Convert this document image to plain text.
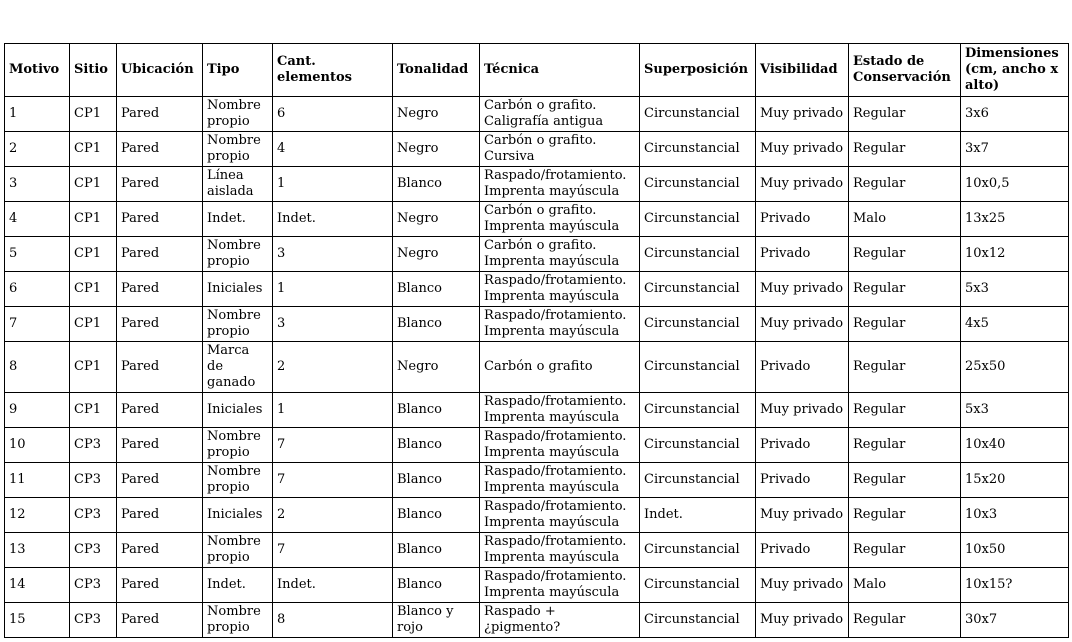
Motivo	Sitio	Ubicación	Tipo	Cant. elementos	Tonalidad	Técnica	Superposición	Visibilidad	Estado de Conservación	Dimensiones (cm, ancho x alto)
1	CP1	Pared	Nombre propio	6	Negro	Carbón o grafito. Caligrafía antigua	Circunstancial	Muy privado	Regular	3x6
2	CP1	Pared	Nombre propio	4	Negro	Carbón o grafito. Cursiva	Circunstancial	Muy privado	Regular	3x7
3	CP1	Pared	Línea aislada	1	Blanco	Raspado/frotamiento. Imprenta mayúscula	Circunstancial	Muy privado	Regular	10x0,5
4	CP1	Pared	Indet.	Indet.	Negro	Carbón o grafito. Imprenta mayúscula	Circunstancial	Privado	Malo	13x25
5	CP1	Pared	Nombre propio	3	Negro	Carbón o grafito. Imprenta mayúscula	Circunstancial	Privado	Regular	10x12
6	CP1	Pared	Iniciales	1	Blanco	Raspado/frotamiento. Imprenta mayúscula	Circunstancial	Muy privado	Regular	5x3
7	CP1	Pared	Nombre propio	3	Blanco	Raspado/frotamiento. Imprenta mayúscula	Circunstancial	Muy privado	Regular	4x5
8	CP1	Pared	Marca de ganado	2	Negro	Carbón o grafito	Circunstancial	Privado	Regular	25x50
9	CP1	Pared	Iniciales	1	Blanco	Raspado/frotamiento. Imprenta mayúscula	Circunstancial	Muy privado	Regular	5x3
10	CP3	Pared	Nombre propio	7	Blanco	Raspado/frotamiento. Imprenta mayúscula	Circunstancial	Privado	Regular	10x40
11	CP3	Pared	Nombre propio	7	Blanco	Raspado/frotamiento. Imprenta mayúscula	Circunstancial	Privado	Regular	15x20
12	CP3	Pared	Iniciales	2	Blanco	Raspado/frotamiento. Imprenta mayúscula	Indet.	Muy privado	Regular	10x3
13	CP3	Pared	Nombre propio	7	Blanco	Raspado/frotamiento. Imprenta mayúscula	Circunstancial	Privado	Regular	10x50
14	CP3	Pared	Indet.	Indet.	Blanco	Raspado/frotamiento. Imprenta mayúscula	Circunstancial	Muy privado	Malo	10x15?
15	CP3	Pared	Nombre propio	8	Blanco y rojo	Raspado + ¿pigmento?	Circunstancial	Muy privado	Regular	30x7
